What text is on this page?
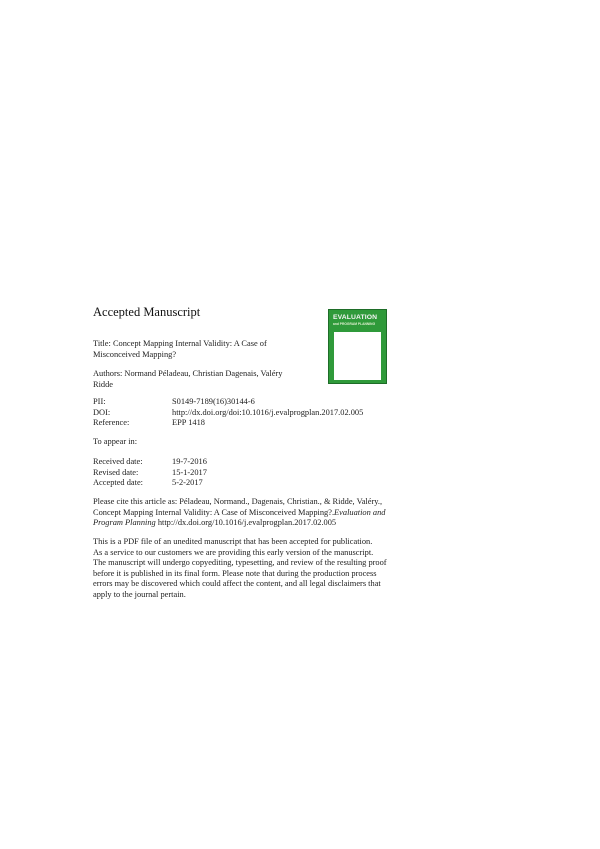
Accepted Manuscript
Title: Concept Mapping Internal Validity: A Case of
Misconceived Mapping?
Authors: Normand Péladeau, Christian Dagenais, Valéry
Ridde
PII:	S0149-7189(16)30144-6
DOI:	http://dx.doi.org/doi:10.1016/j.evalprogplan.2017.02.005
Reference:	EPP 1418
To appear in:
Received date:	19-7-2016
Revised date:	15-1-2017
Accepted date:	5-2-2017
Please cite this article as: Péladeau, Normand., Dagenais, Christian., & Ridde, Valéry.,
Concept Mapping Internal Validity: A Case of Misconceived Mapping?.Evaluation and
Program Planning http://dx.doi.org/10.1016/j.evalprogplan.2017.02.005
This is a PDF file of an unedited manuscript that has been accepted for publication.
As a service to our customers we are providing this early version of the manuscript.
The manuscript will undergo copyediting, typesetting, and review of the resulting proof
before it is published in its final form. Please note that during the production process
errors may be discovered which could affect the content, and all legal disclaimers that
apply to the journal pertain.
EVALUATION
and PROGRAM PLANNING
